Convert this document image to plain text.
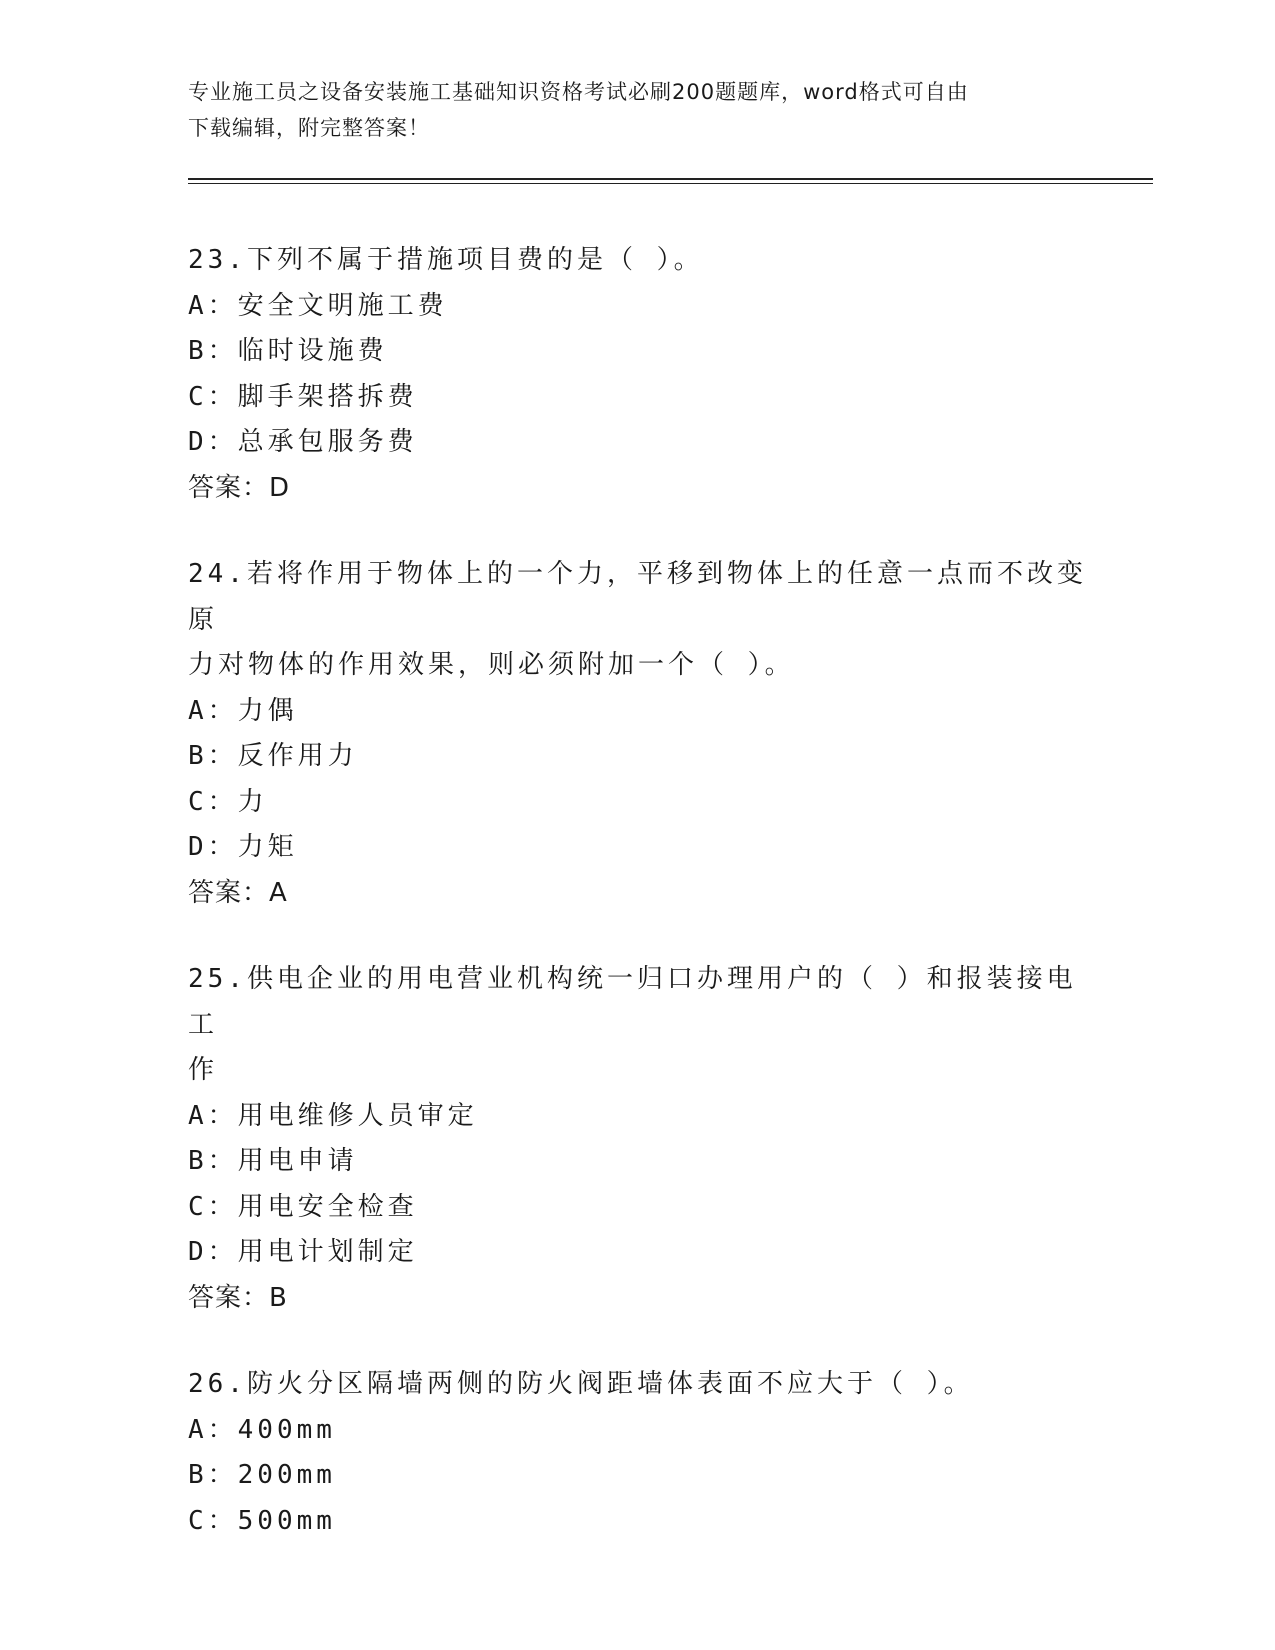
专业施工员之设备安装施工基础知识资格考试必刷200题题库，word格式可自由
下载编辑，附完整答案！
23.下列不属于措施项目费的是（ ）。
A：安全文明施工费
B：临时设施费
C：脚手架搭拆费
D：总承包服务费
答案：D
24.若将作用于物体上的一个力，平移到物体上的任意一点而不改变原
力对物体的作用效果，则必须附加一个（ ）。
A：力偶
B：反作用力
C：力
D：力矩
答案：A
25.供电企业的用电营业机构统一归口办理用户的（ ）和报装接电工
作
A：用电维修人员审定
B：用电申请
C：用电安全检查
D：用电计划制定
答案：B
26.防火分区隔墙两侧的防火阀距墙体表面不应大于（ ）。
A：400mm
B：200mm
C：500mm
